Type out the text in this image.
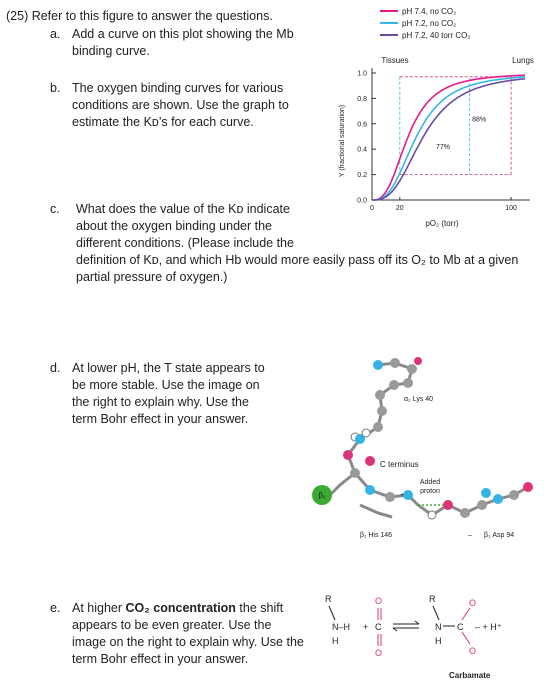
(25) Refer to this figure to answer the questions.
a. Add a curve on this plot showing the Mb binding curve.
b. The oxygen binding curves for various conditions are shown. Use the graph to estimate the Kᴅ’s for each curve.
c. What does the value of the Kᴅ indicate
about the oxygen binding under the
different conditions. (Please include the
definition of Kᴅ, and which Hb would more easily pass off its O₂ to Mb at a given partial pressure of oxygen.)
d. At lower pH, the T state appears to be more stable. Use the image on the right to explain why. Use the term Bohr effect in your answer.
e. At higher CO₂ concentration the shift appears to be even greater. Use the image on the right to explain why. Use the term Bohr effect in your answer.
pH 7.4, no CO₂
pH 7.2, no CO₂
pH 7.2, 40 torr CO₂
Tissues	Lungs
Y (fractional saturation)
pO₂ (torr)
0.0
0.2
0.4
0.6
0.8
1.0
0	20	100
88%
77%
β₁
α₂ Lys 40
C terminus
Added
proton
β₁ His 146	β₁ Asp 94
–
+
R
N–H
H
+
O
C
O
R
N
H
C
O
O
– + H⁺
Carbamate
